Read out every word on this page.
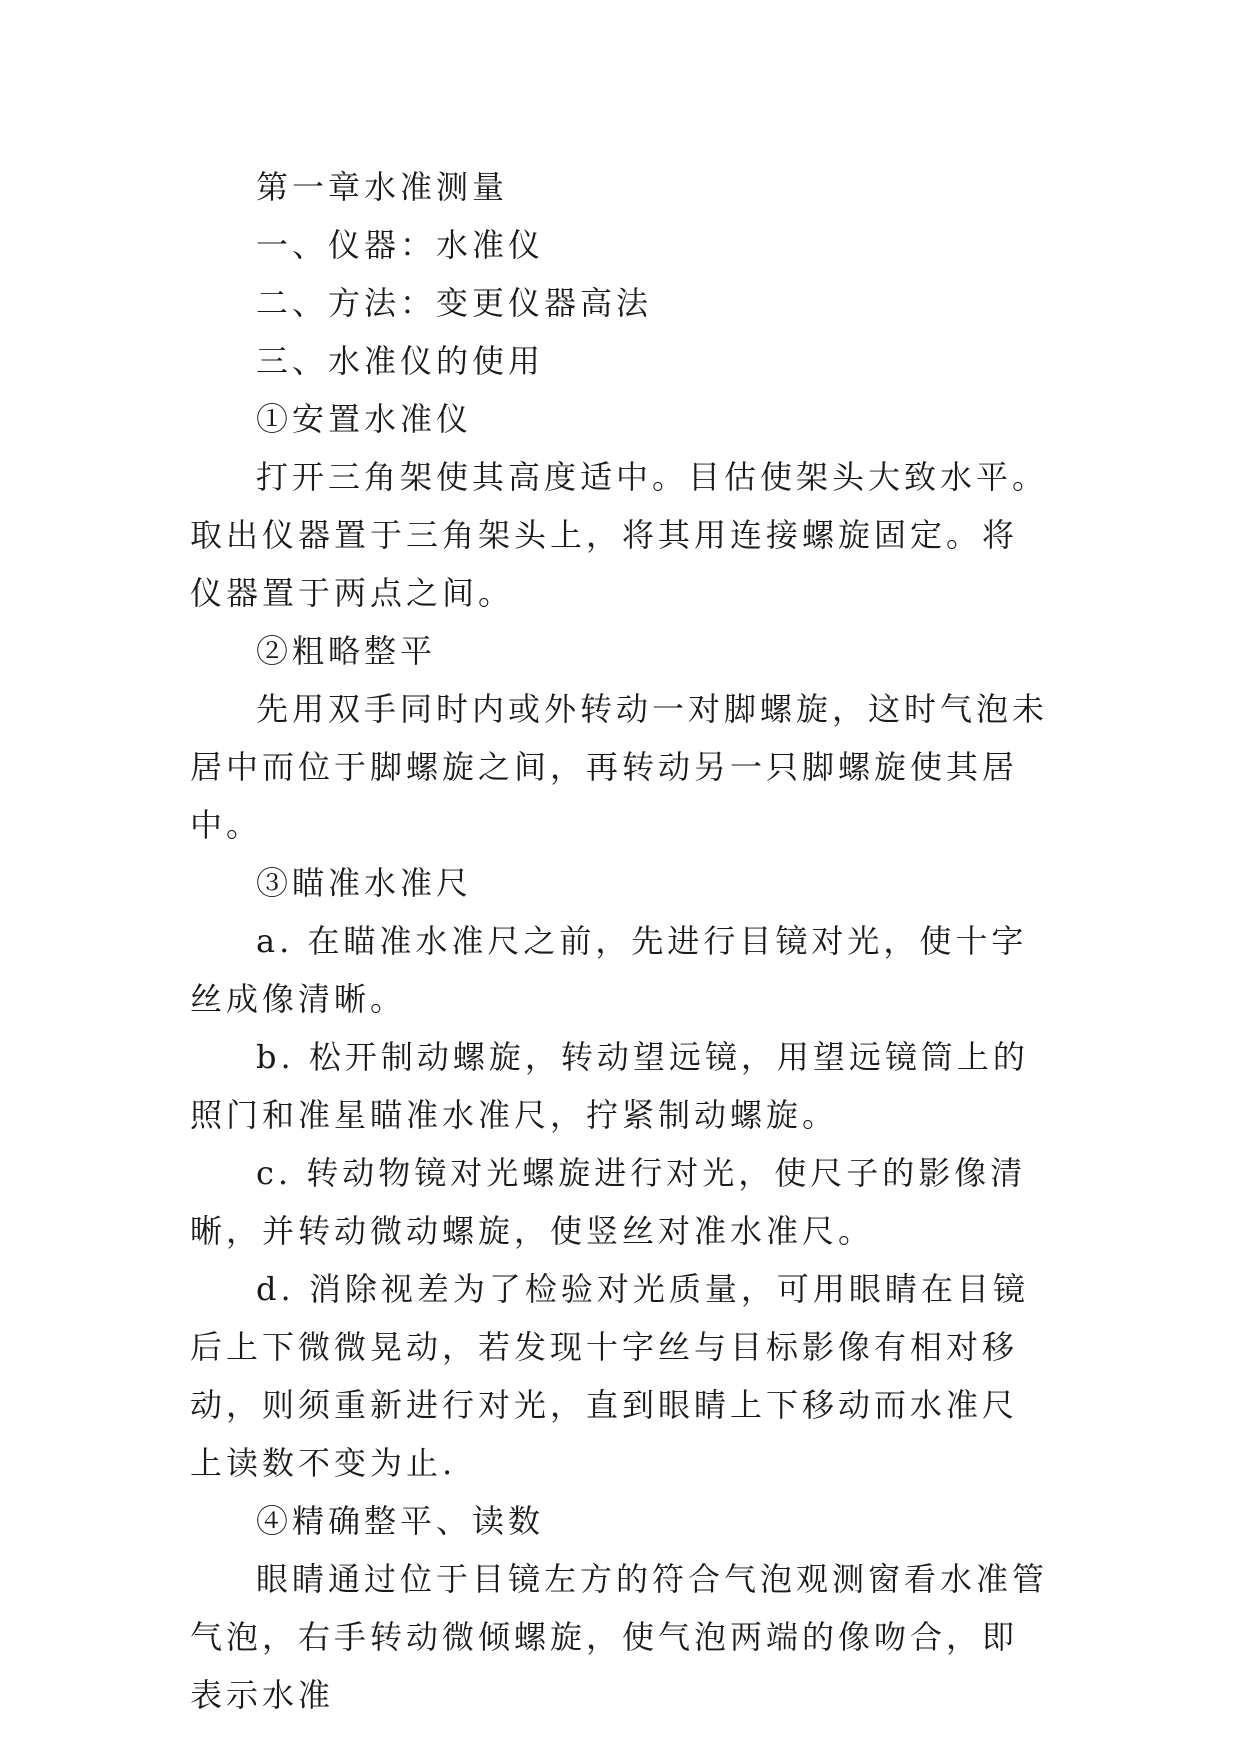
第一章水准测量

一、仪器：水准仪

二、方法：变更仪器高法

三、水准仪的使用

①安置水准仪

打开三角架使其高度适中。目估使架头大致水平。取出仪器置于三角架头上，将其用连接螺旋固定。将仪器置于两点之间。

②粗略整平

先用双手同时内或外转动一对脚螺旋，这时气泡未居中而位于脚螺旋之间，再转动另一只脚螺旋使其居中。

③瞄准水准尺

a. 在瞄准水准尺之前，先进行目镜对光，使十字丝成像清晰。

b. 松开制动螺旋，转动望远镜，用望远镜筒上的照门和准星瞄准水准尺，拧紧制动螺旋。

c. 转动物镜对光螺旋进行对光，使尺子的影像清晰，并转动微动螺旋，使竖丝对准水准尺。

d. 消除视差为了检验对光质量，可用眼睛在目镜后上下微微晃动，若发现十字丝与目标影像有相对移动，则须重新进行对光，直到眼睛上下移动而水准尺上读数不变为止.

④精确整平、读数

眼睛通过位于目镜左方的符合气泡观测窗看水准管气泡，右手转动微倾螺旋，使气泡两端的像吻合，即表示水准
